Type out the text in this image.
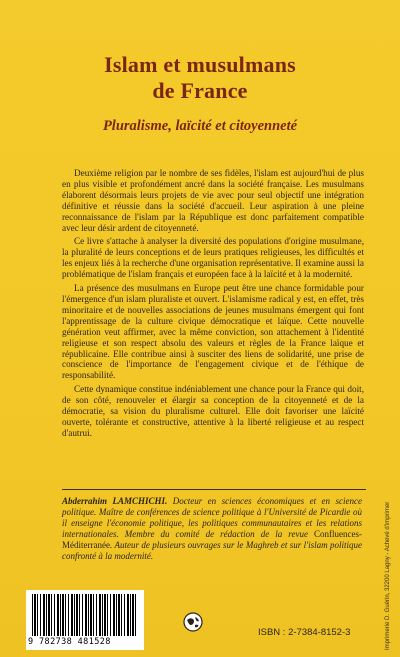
Islam et musulmans
de France
Pluralisme, laïcité et citoyenneté

Deuxième religion par le nombre de ses fidèles, l'islam est aujourd'hui de plus en plus visible et profondément ancré dans la société française. Les musulmans élaborent désormais leurs projets de vie avec pour seul objectif une intégration définitive et réussie dans la société d'accueil. Leur aspiration à une pleine reconnaissance de l'islam par la République est donc parfaitement compatible avec leur désir ardent de citoyenneté.

Ce livre s'attache à analyser la diversité des populations d'origine musulmane, la pluralité de leurs conceptions et de leurs pratiques religieuses, les difficultés et les enjeux liés à la recherche d'une organisation représentative. Il examine aussi la problématique de l'islam français et européen face à la laïcité et à la modernité.

La présence des musulmans en Europe peut être une chance formidable pour l'émergence d'un islam pluraliste et ouvert. L'islamisme radical y est, en effet, très minoritaire et de nouvelles associations de jeunes musulmans émergent qui font l'apprentissage de la culture civique démocratique et laïque. Cette nouvelle génération veut affirmer, avec la même conviction, son attachement à l'identité religieuse et son respect absolu des valeurs et règles de la France laïque et républicaine. Elle contribue ainsi à susciter des liens de solidarité, une prise de conscience de l'importance de l'engagement civique et de l'éthique de responsabilité.

Cette dynamique constitue indéniablement une chance pour la France qui doit, de son côté, renouveler et élargir sa conception de la citoyenneté et de la démocratie, sa vision du pluralisme culturel. Elle doit favoriser une laïcité ouverte, tolérante et constructive, attentive à la liberté religieuse et au respect d'autrui.

Abderrahim LAMCHICHI. Docteur en sciences économiques et en science politique. Maître de conférences de science politique à l'Université de Picardie où il enseigne l'économie politique, les politiques communautaires et les relations internationales. Membre du comité de rédaction de la revue Confluences-Méditerranée. Auteur de plusieurs ouvrages sur le Maghreb et sur l'islam politique confronté à la modernité.
9 782738 481528
ISBN : 2-7384-8152-3	Imprimerie D. Guérin, 32200 Lagny - Achevé d'imprimer
